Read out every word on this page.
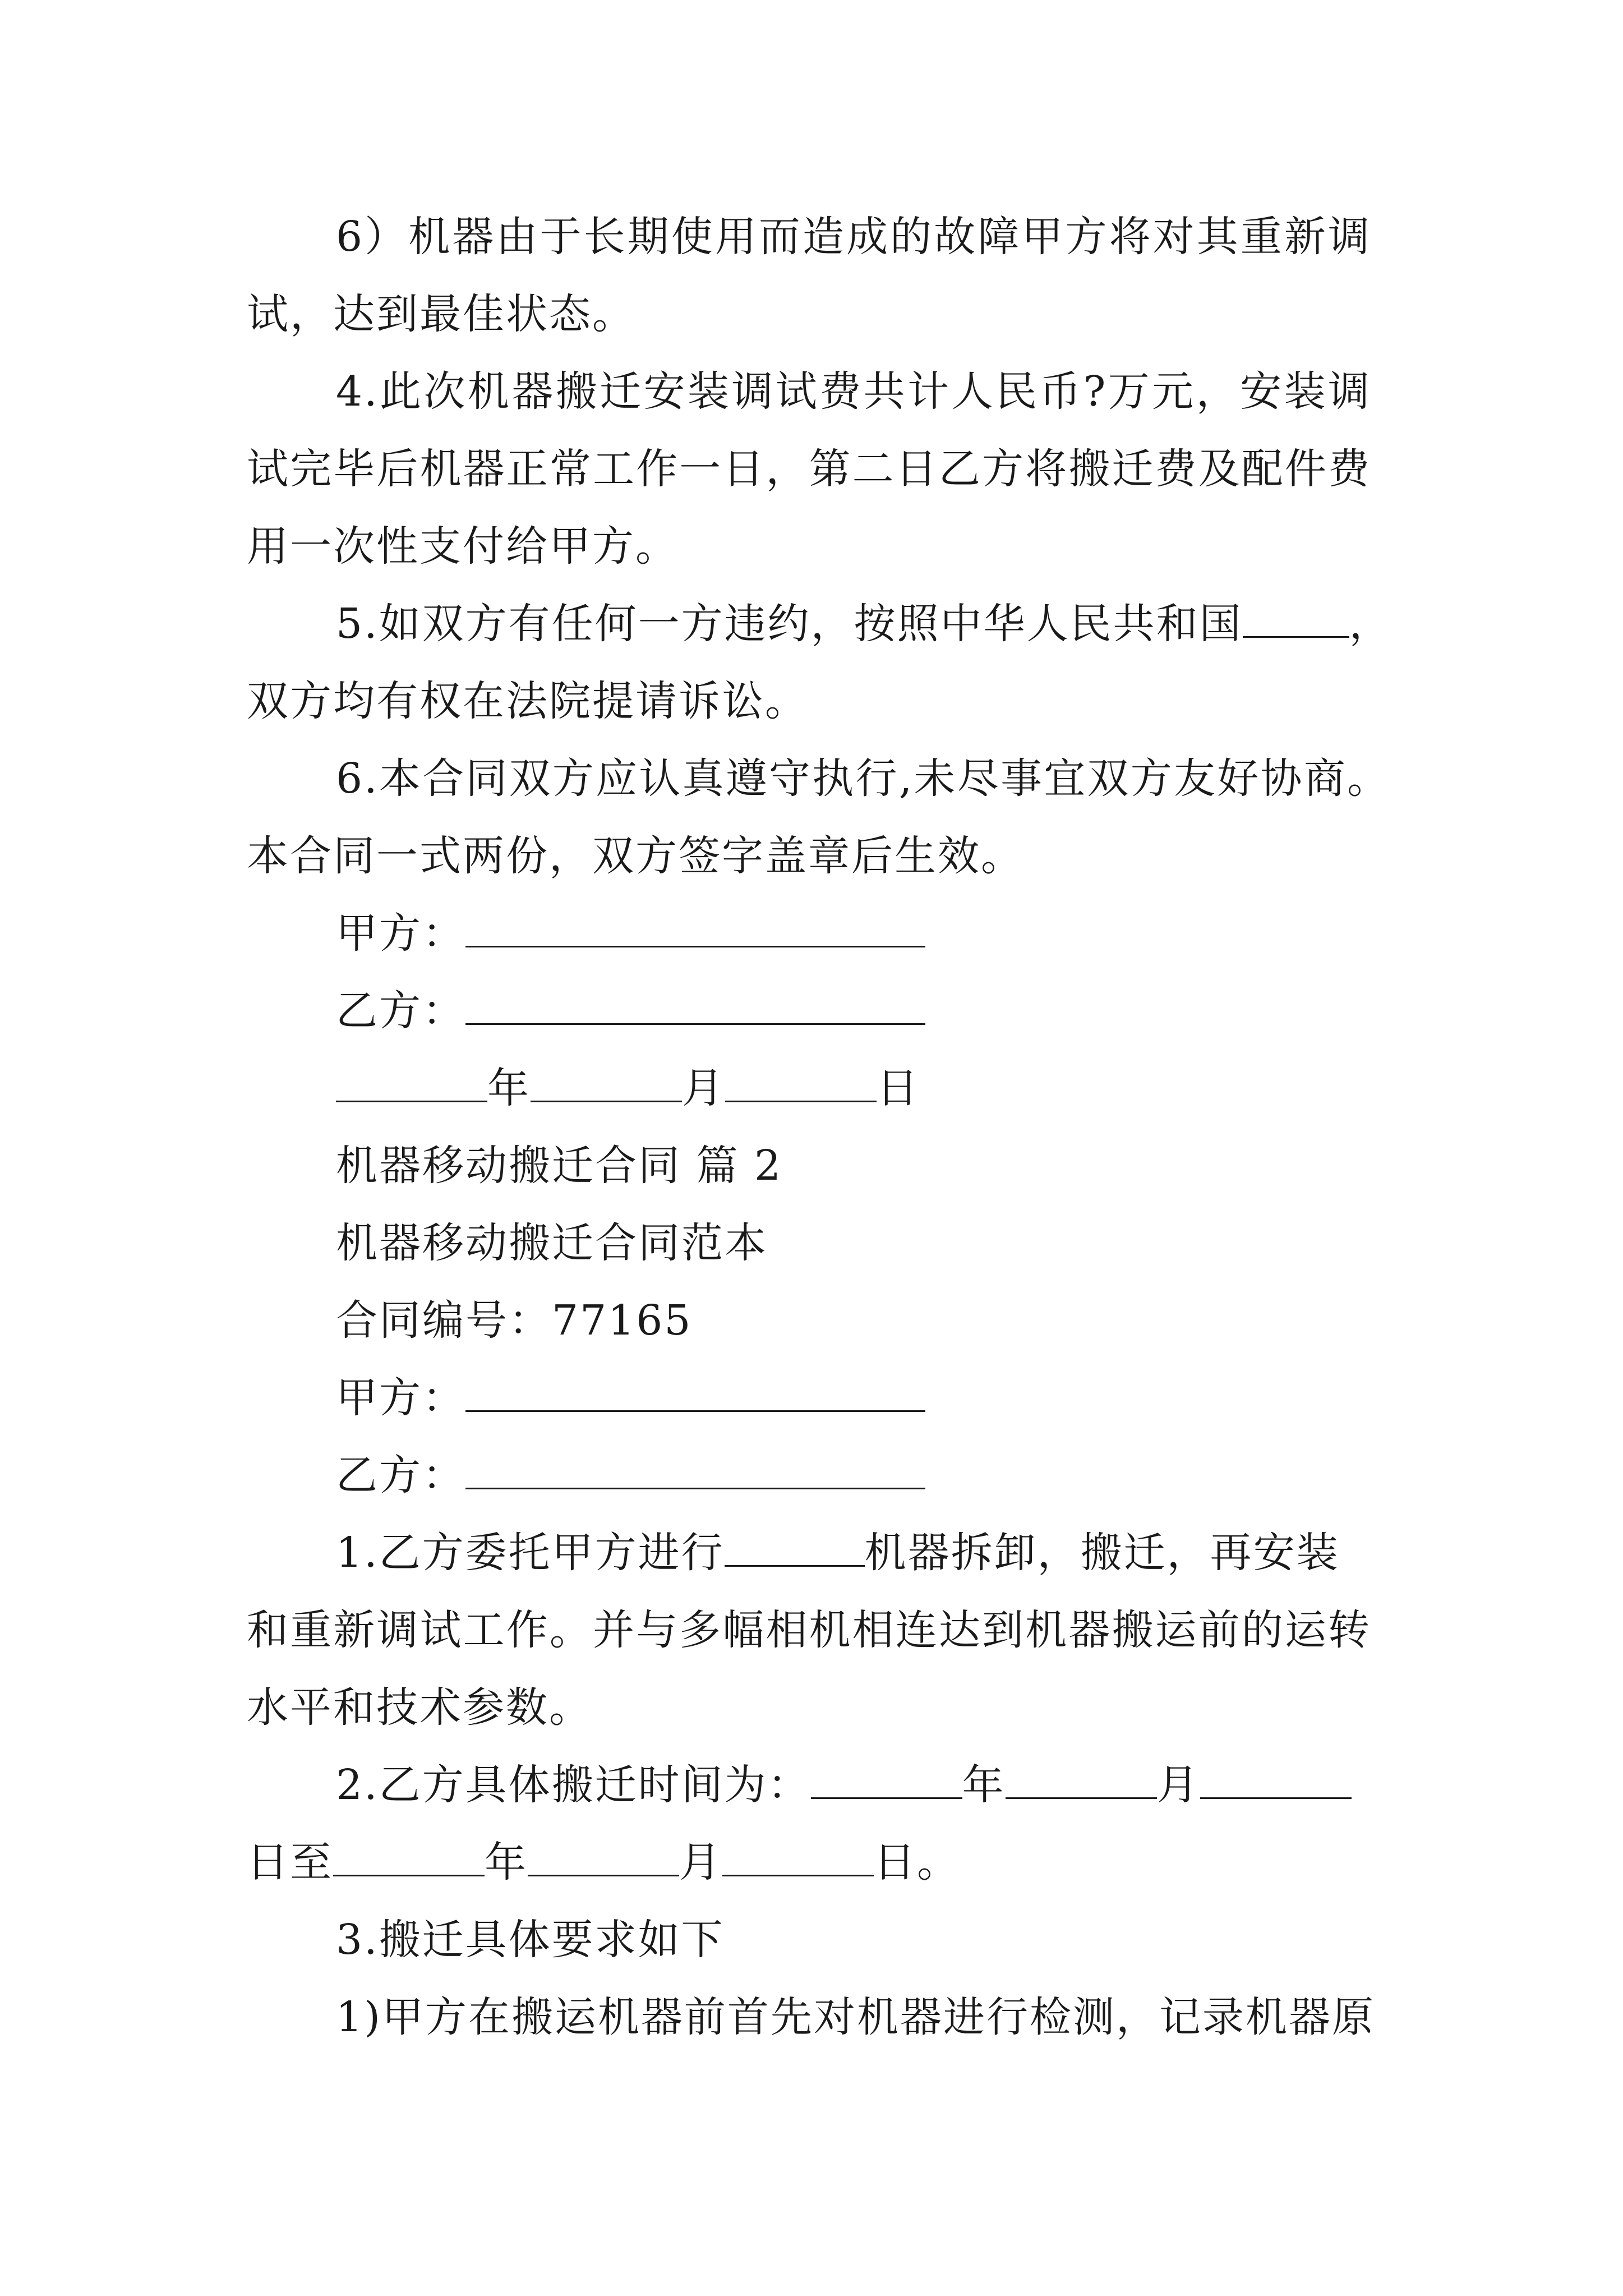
6）机器由于长期使用而造成的故障甲方将对其重新调
试，达到最佳状态。
4.此次机器搬迁安装调试费共计人民币?万元，安装调
试完毕后机器正常工作一日，第二日乙方将搬迁费及配件费
用一次性支付给甲方。
5.如双方有任何一方违约，按照中华人民共和国	，
双方均有权在法院提请诉讼。
6.本合同双方应认真遵守执行,未尽事宜双方友好协商。
本合同一式两份，双方签字盖章后生效。
甲方：
乙方：
年	月	日
机器移动搬迁合同 篇 2
机器移动搬迁合同范本
合同编号：77165
甲方：
乙方：
1.乙方委托甲方进行	机器拆卸，搬迁，再安装
和重新调试工作。并与多幅相机相连达到机器搬运前的运转
水平和技术参数。
2.乙方具体搬迁时间为：	年	月
日至	年	月	日。
3.搬迁具体要求如下
1)甲方在搬运机器前首先对机器进行检测，记录机器原
